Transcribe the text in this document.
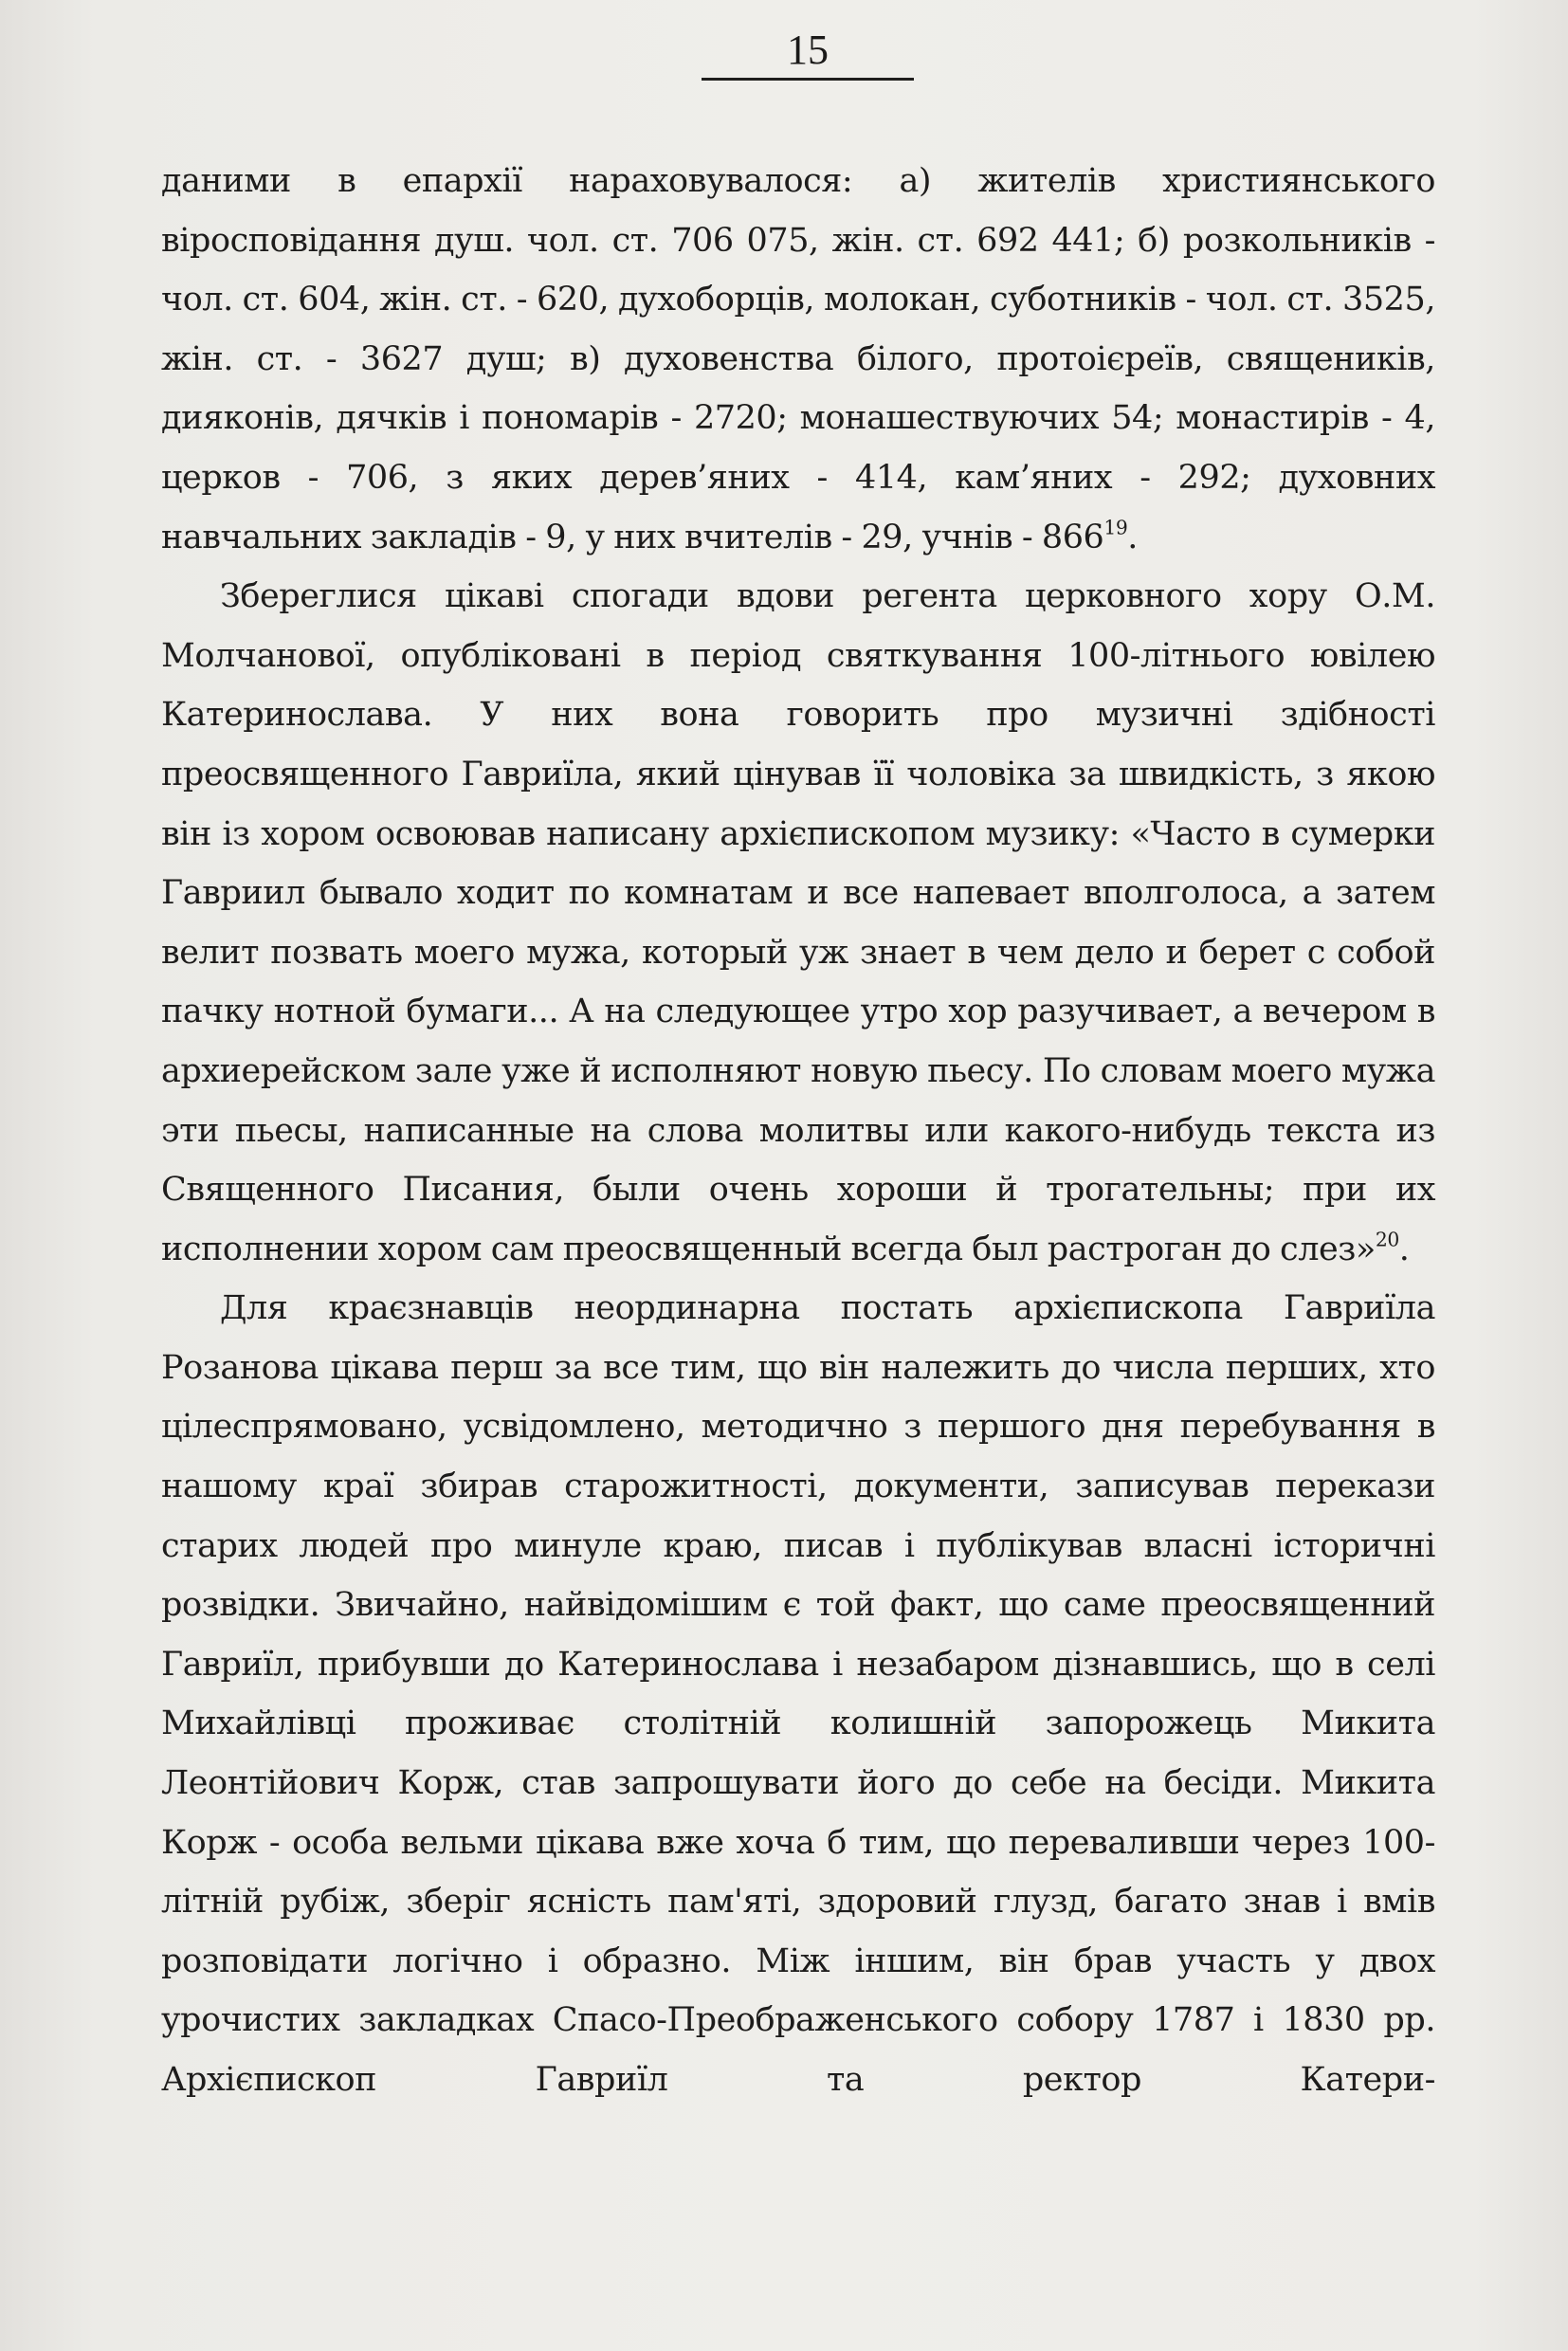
15

даними в епархії нараховувалося: а) жителів християнського віросповідання душ. чол. ст. 706 075, жін. ст. 692 441; б) розкольників - чол. ст. 604, жін. ст. - 620, духоборців, молокан, суботників - чол. ст. 3525, жін. ст. - 3627 душ; в) духовенства білого, протоієреїв, священиків, дияконів, дячків і пономарів - 2720; монашествуючих 54; монастирів - 4, церков - 706, з яких дерев’яних - 414, кам’яних - 292; духовних навчальних закладів - 9, у них вчителів - 29, учнів - $866^{19}$.

Збереглися цікаві спогади вдови регента церковного хору О.М. Молчанової, опубліковані в період святкування 100-літнього ювілею Катеринослава. У них вона говорить про музичні здібності преосвященного Гавриїла, який цінував її чоловіка за швидкість, з якою він із хором освоював написану архієпископом музику: «Часто в сумерки Гавриил бывало ходит по комнатам и все напевает вполголоса, а затем велит позвать моего мужа, который уж знает в чем дело и берет с собой пачку нотной бумаги... А на следующее утро хор разучивает, а вечером в архиерейском зале уже й исполняют новую пьесу. По словам моего мужа эти пьесы, написанные на слова молитвы или какого-нибудь текста из Священного Писания, были очень хороши й трогательны; при их исполнении хором сам преосвященный всегда был растроган до слез»$^{20}$.

Для краєзнавців неординарна постать архієпископа Гавриїла Розанова цікава перш за все тим, що він належить до числа перших, хто цілеспрямовано, усвідомлено, методично з першого дня перебування в нашому краї збирав старожитності, документи, записував перекази старих людей про минуле краю, писав і публікував власні історичні розвідки. Звичайно, найвідомішим є той факт, що саме преосвященний Гавриїл, прибувши до Катеринослава і незабаром дізнавшись, що в селі Михайлівці проживає столітній колишній запорожець Микита Леонтійович Корж, став запрошувати його до себе на бесіди. Микита Корж - особа вельми цікава вже хоча б тим, що переваливши через 100-літній рубіж, зберіг ясність пам'яті, здоровий глузд, багато знав і вмів розповідати логічно і образно. Між іншим, він брав участь у двох урочистих закладках Спасо-Преображенського собору 1787 і 1830 рр. Архієпископ Гавриїл та ректор Катери-
